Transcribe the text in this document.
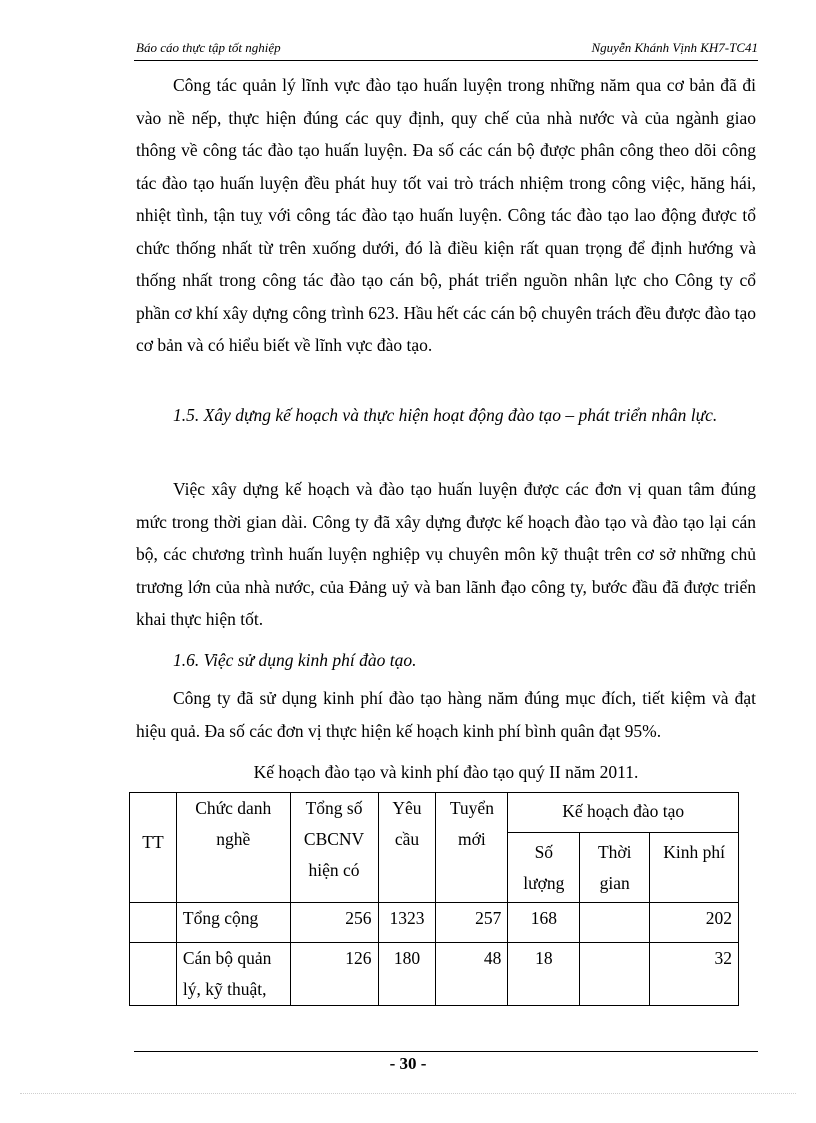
Báo cáo thực tập tốt nghiệp	Nguyễn Khánh Vịnh KH7-TC41

Công tác quản lý lĩnh vực đào tạo huấn luyện trong những năm qua cơ bản đã đi vào nề nếp, thực hiện đúng các quy định, quy chế của nhà nước và của ngành giao thông về công tác đào tạo huấn luyện. Đa số các cán bộ được phân công theo dõi công tác đào tạo huấn luyện đều phát huy tốt vai trò trách nhiệm trong công việc, hăng hái, nhiệt tình, tận tuỵ với công tác đào tạo huấn luyện. Công tác đào tạo lao động được tổ chức thống nhất từ trên xuống dưới, đó là điều kiện rất quan trọng để định hướng và thống nhất trong công tác đào tạo cán bộ, phát triển nguồn nhân lực cho Công ty cổ phần cơ khí xây dựng công trình 623. Hầu hết các cán bộ chuyên trách đều được đào tạo cơ bản và có hiểu biết về lĩnh vực đào tạo.

1.5. Xây dựng kế hoạch và thực hiện hoạt động đào tạo – phát triển nhân lực.

Việc xây dựng kế hoạch và đào tạo huấn luyện được các đơn vị quan tâm đúng mức trong thời gian dài. Công ty đã xây dựng được kế hoạch đào tạo và đào tạo lại cán bộ, các chương trình huấn luyện nghiệp vụ chuyên môn kỹ thuật trên cơ sở những chủ trương lớn của nhà nước, của Đảng uỷ và ban lãnh đạo công ty, bước đầu đã được triển khai thực hiện tốt.

1.6. Việc sử dụng kinh phí đào tạo.

Công ty đã sử dụng kinh phí đào tạo hàng năm đúng mục đích, tiết kiệm và đạt hiệu quả. Đa số các đơn vị thực hiện kế hoạch kinh phí bình quân đạt 95%.

Kế hoạch đào tạo và kinh phí đào tạo quý II năm 2011.

TT	Chức danh nghề	Tổng số CBCNV hiện có	Yêu cầu	Tuyển mới	Kế hoạch đào tạo		
					Số lượng	Thời gian	Kinh phí
	Tổng cộng	256	1323	257	168		202
	Cán bộ quản lý, kỹ thuật,	126	180	48	18		32
- 30 -
